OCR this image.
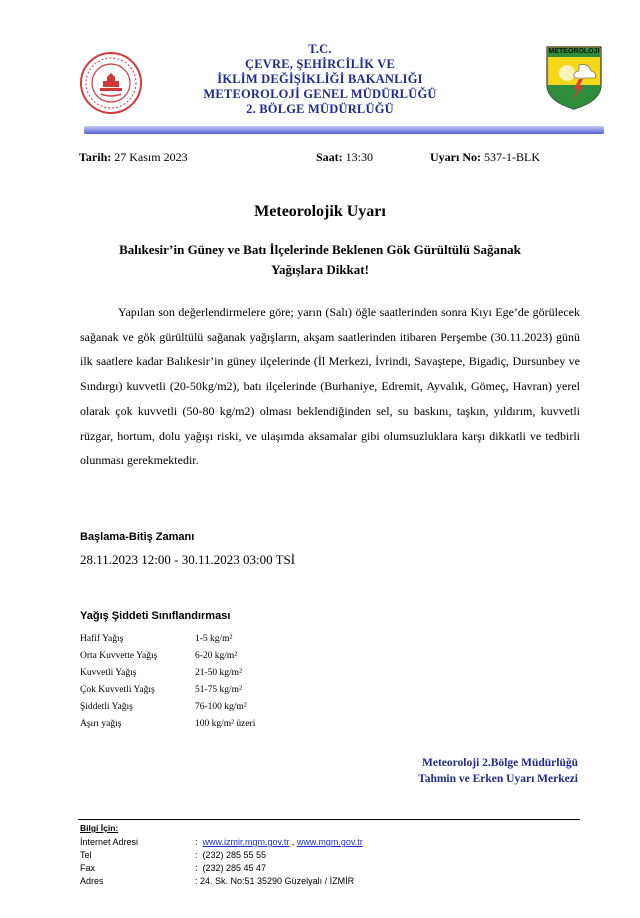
T.C.
ÇEVRE, ŞEHİRCİLİK VE
İKLİM DEĞİŞİKLİĞİ BAKANLIĞI
METEOROLOJİ GENEL MÜDÜRLÜĞÜ
2. BÖLGE MÜDÜRLÜĞÜ
METEOROLOJİ
Tarih: 27 Kasım 2023	Saat: 13:30	Uyarı No: 537-1-BLK
Meteorolojik Uyarı
Balıkesir’in Güney ve Batı İlçelerinde Beklenen Gök Gürültülü Sağanak Yağışlara Dikkat!

Yapılan son değerlendirmelere göre; yarın (Salı) öğle saatlerinden sonra Kıyı Ege’de görülecek sağanak ve gök gürültülü sağanak yağışların, akşam saatlerinden itibaren Perşembe (30.11.2023) günü ilk saatlere kadar Balıkesir’in güney ilçelerinde (İl Merkezi, İvrindi, Savaştepe, Bigadiç, Dursunbey ve Sındırgı) kuvvetli (20-50kg/m2), batı ilçelerinde (Burhaniye, Edremit, Ayvalık, Gömeç, Havran) yerel olarak çok kuvvetli (50-80 kg/m2) olması beklendiğinden sel, su baskını, taşkın, yıldırım, kuvvetli rüzgar, hortum, dolu yağışı riski, ve ulaşımda aksamalar gibi olumsuzluklara karşı dikkatli ve tedbirli olunması gerekmektedir.

Başlama-Bitiş Zamanı
28.11.2023 12:00 - 30.11.2023 03:00 TSİ
Yağış Şiddeti Sınıflandırması
Hafif Yağış	1-5 kg/m²
Orta Kuvvette Yağış	6-20 kg/m²
Kuvvetli Yağış	21-50 kg/m²
Çok Kuvvetli Yağış	51-75 kg/m²
Şiddetli Yağış	76-100 kg/m²
Aşırı yağış	100 kg/m² üzeri
Meteoroloji 2.Bölge Müdürlüğü
Tahmin ve Erken Uyarı Merkezi
Bilgi İçin:
İnternet Adresi	:  www.izmir.mgm.gov.tr , www.mgm.gov.tr
Tel	:  (232) 285 55 55
Fax	:  (232) 285 45 47
Adres	: 24. Sk. No:51 35290 Güzelyalı / İZMİR
